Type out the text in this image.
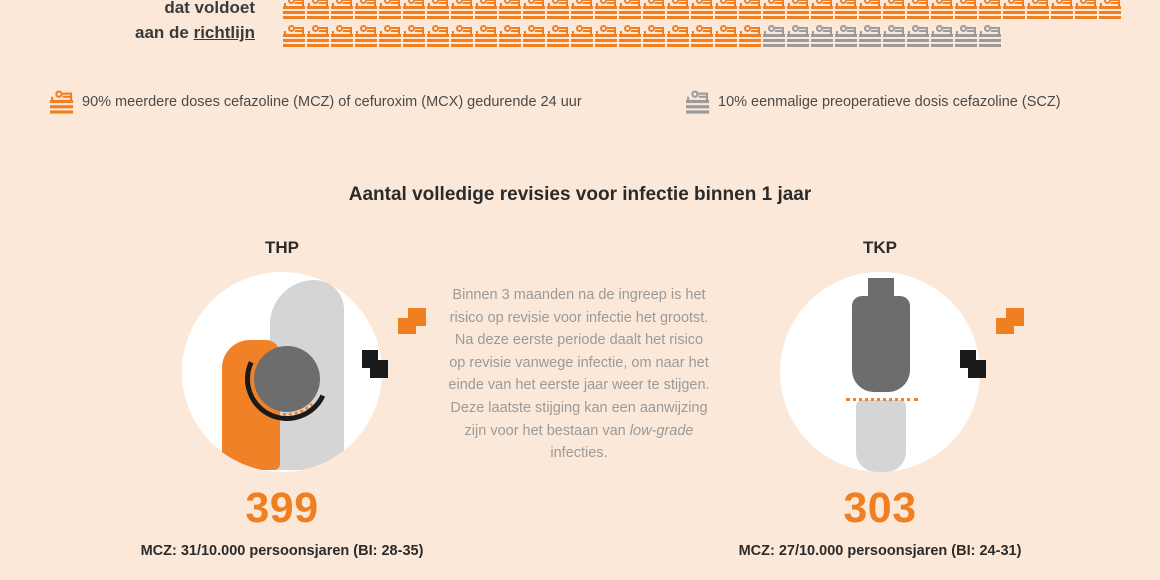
dat voldoet
aan de richtlijn
90% meerdere doses cefazoline (MCZ) of cefuroxim (MCX) gedurende 24 uur	10% eenmalige preoperatieve dosis cefazoline (SCZ)
Aantal volledige revisies voor infectie binnen 1 jaar
THP
399
MCZ: 31/10.000 persoonsjaren (BI: 28-35)
Binnen 3 maanden na de ingreep is het risico op revisie voor infectie het grootst. Na deze eerste periode daalt het risico op revisie vanwege infectie, om naar het einde van het eerste jaar weer te stijgen. Deze laatste stijging kan een aanwijzing zijn voor het bestaan van low-grade infecties.
TKP
303
MCZ: 27/10.000 persoonsjaren (BI: 24-31)
